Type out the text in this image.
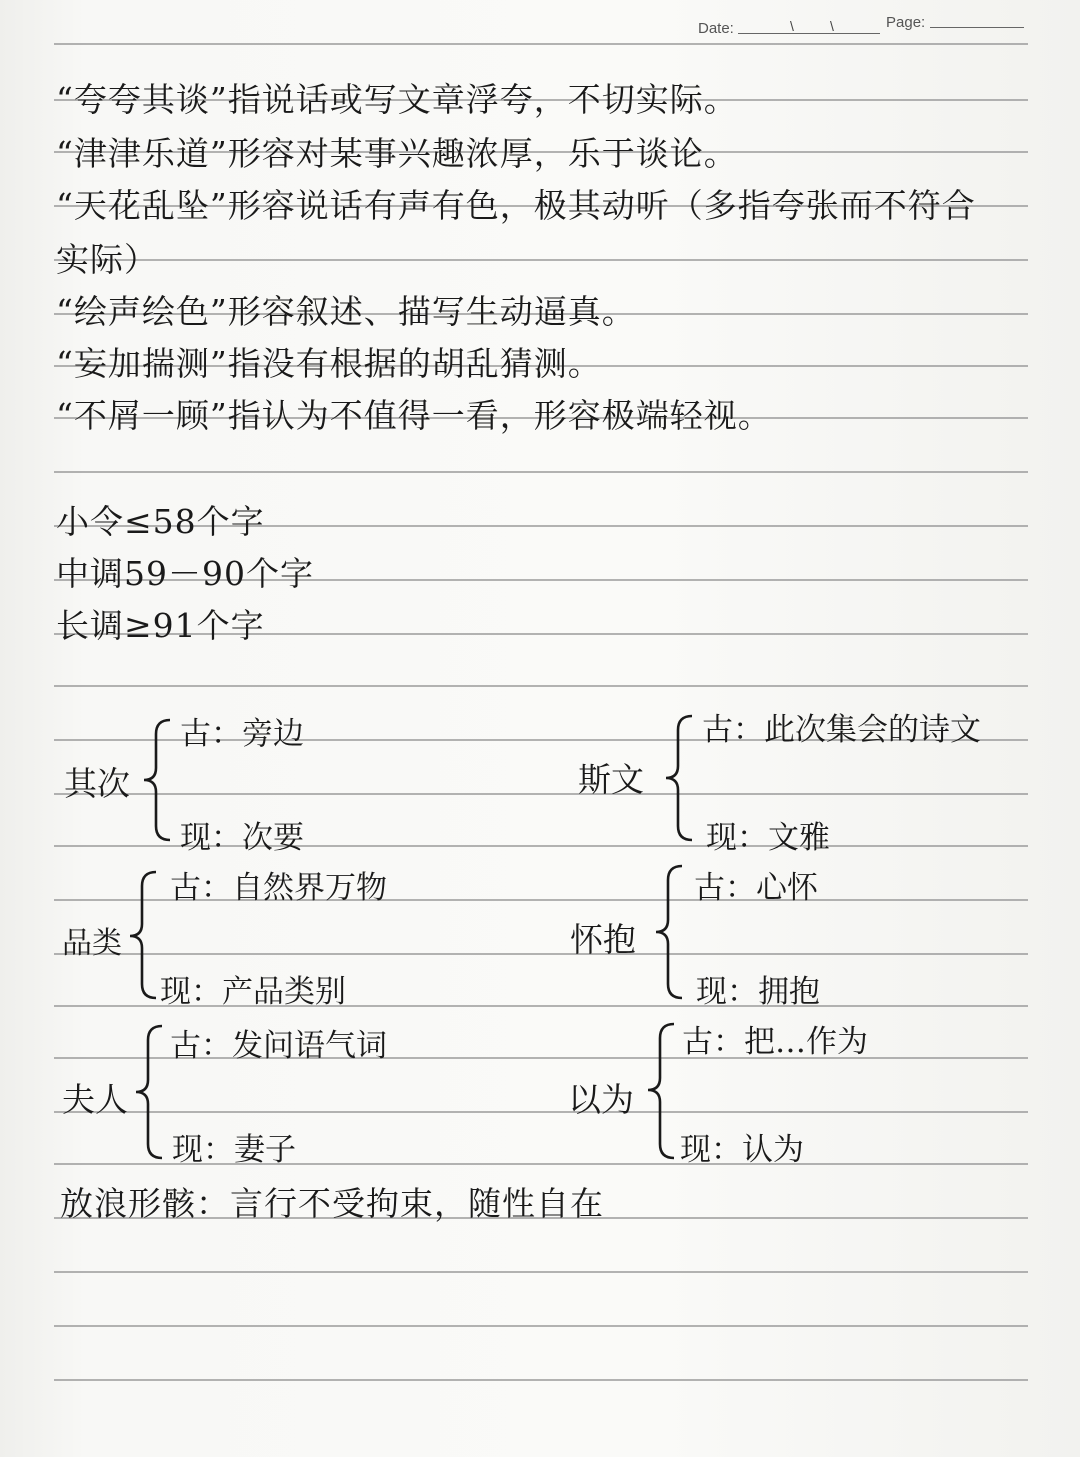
Date:	\	\	Page:
“夸夸其谈”指说话或写文章浮夸，不切实际。
“津津乐道”形容对某事兴趣浓厚，乐于谈论。
“天花乱坠”形容说话有声有色，极其动听（多指夸张而不符合
实际）
“绘声绘色”形容叙述、描写生动逼真。
“妄加揣测”指没有根据的胡乱猜测。
“不屑一顾”指认为不值得一看，形容极端轻视。
小令≤58个字
中调59－90个字
长调≥91个字
其次
古：旁边
现：次要
斯文
古：此次集会的诗文
现：文雅
品类
古：自然界万物
现：产品类别
怀抱
古：心怀
现：拥抱
夫人
古：发问语气词
现：妻子
以为
古：把…作为
现：认为
放浪形骸：言行不受拘束，随性自在
